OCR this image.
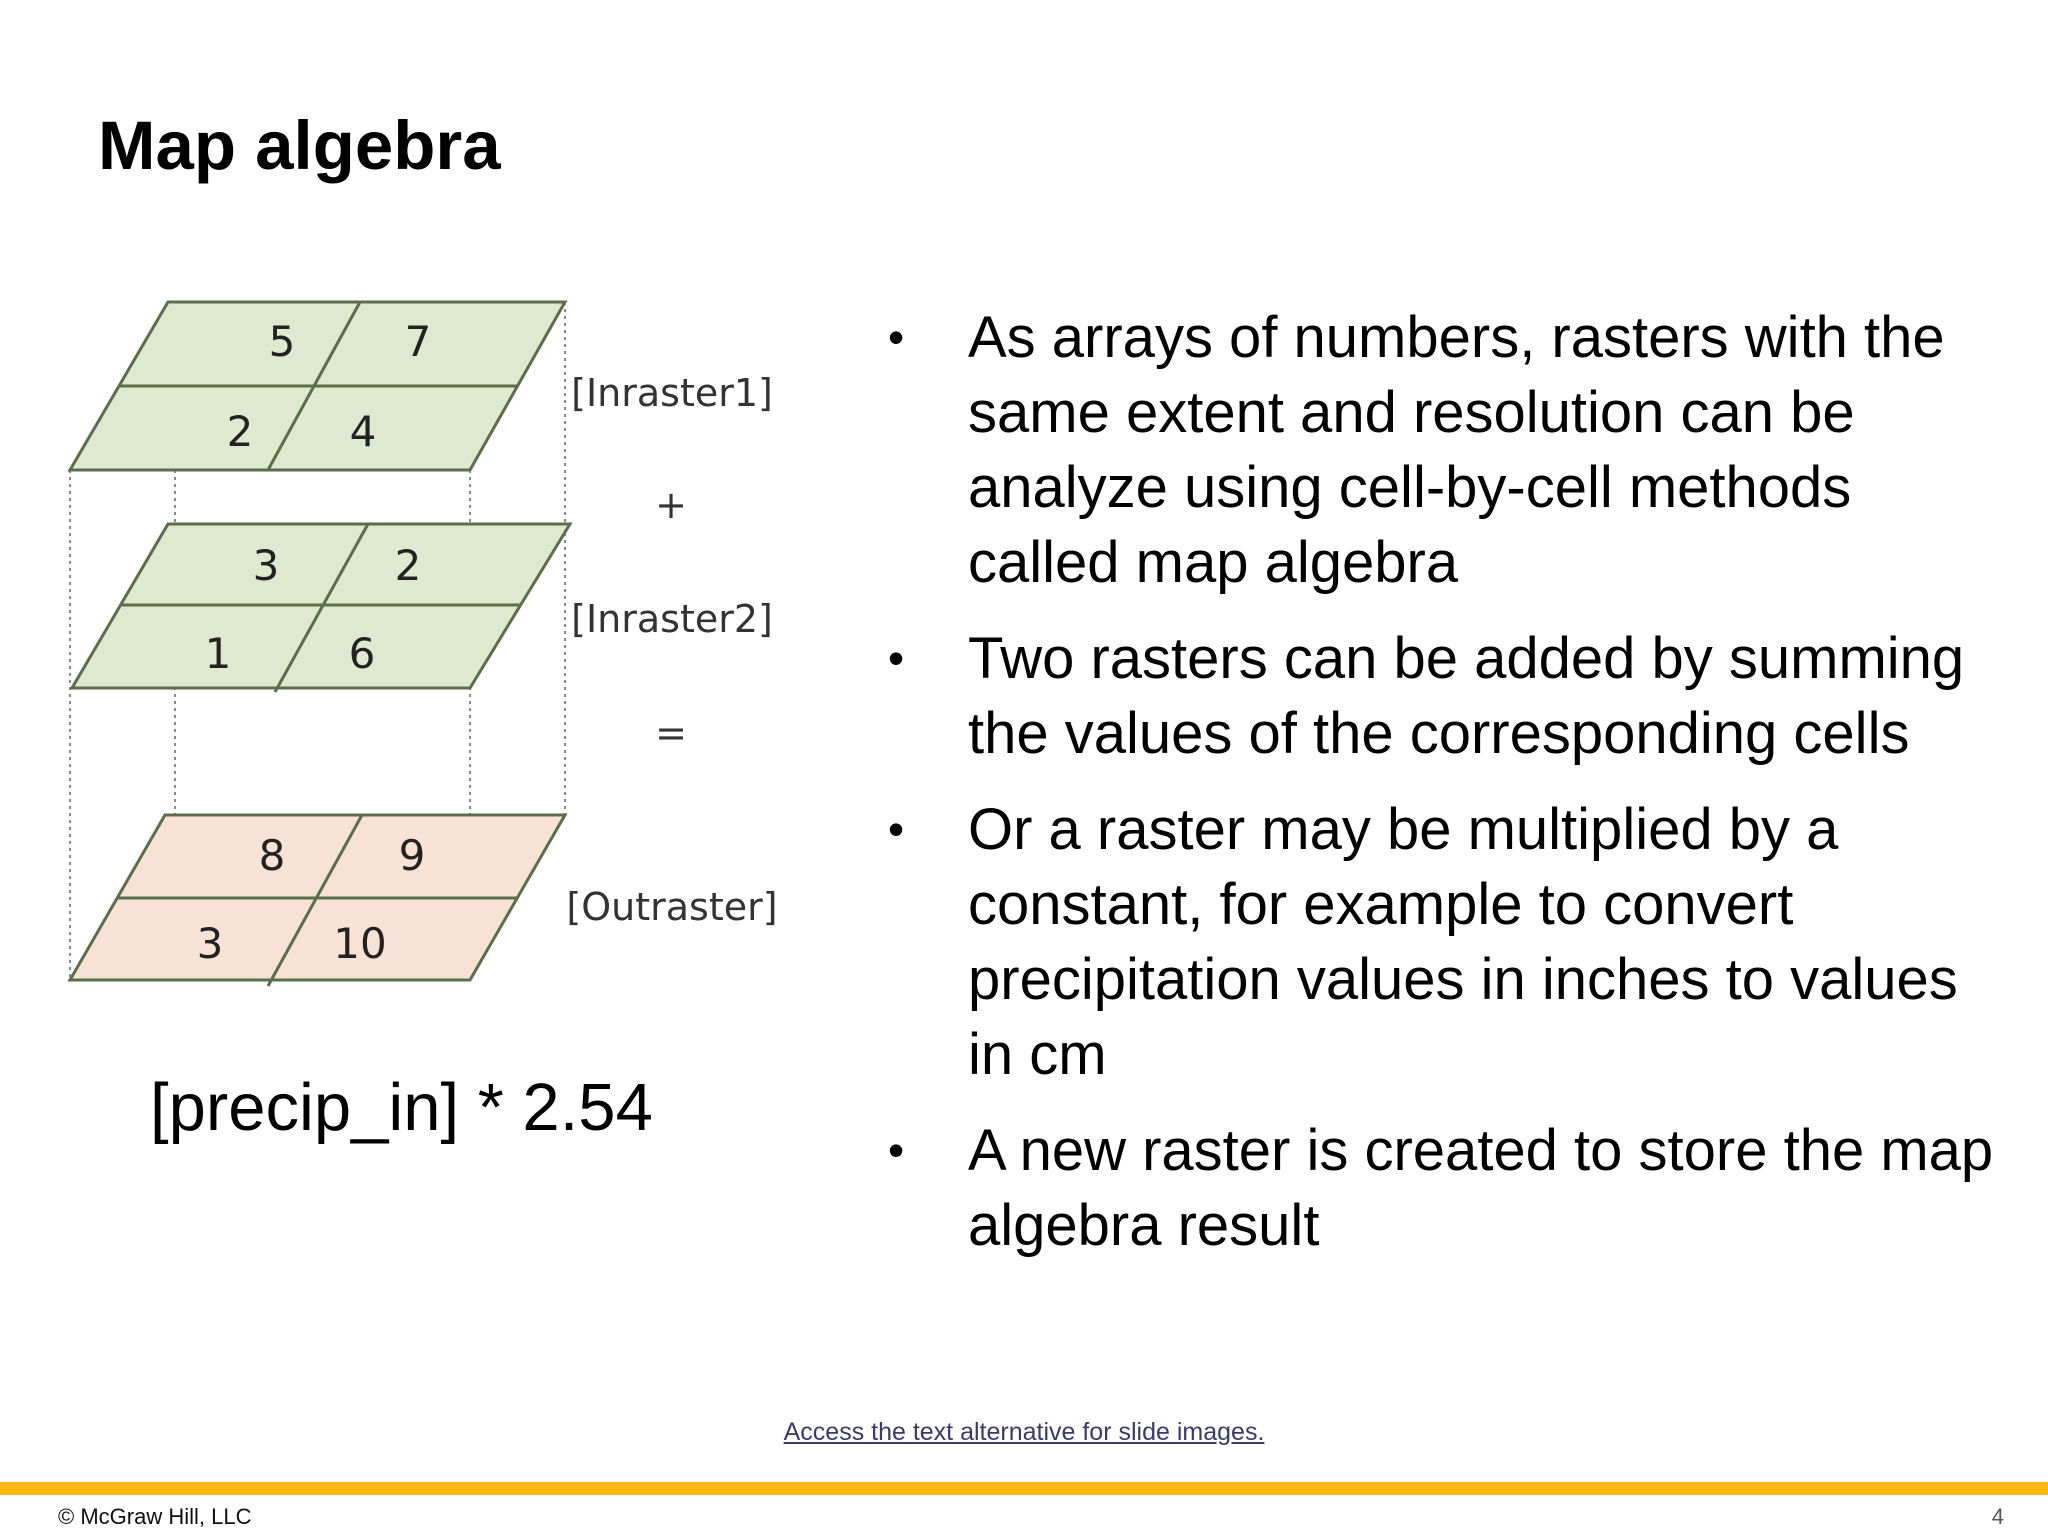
Map algebra
5	7
2 4
[Inraster1]
+
3	2
1	6
[Inraster2]
=
8	9
3	10
[Outraster]
[precip_in] * 2.54
• As arrays of numbers, rasters with the same extent and resolution can be analyze using cell-by-cell methods called map algebra
• Two rasters can be added by summing the values of the corresponding cells
• Or a raster may be multiplied by a constant, for example to convert precipitation values in inches to values in cm
• A new raster is created to store the map algebra result
Access the text alternative for slide images.
© McGraw Hill, LLC	4
